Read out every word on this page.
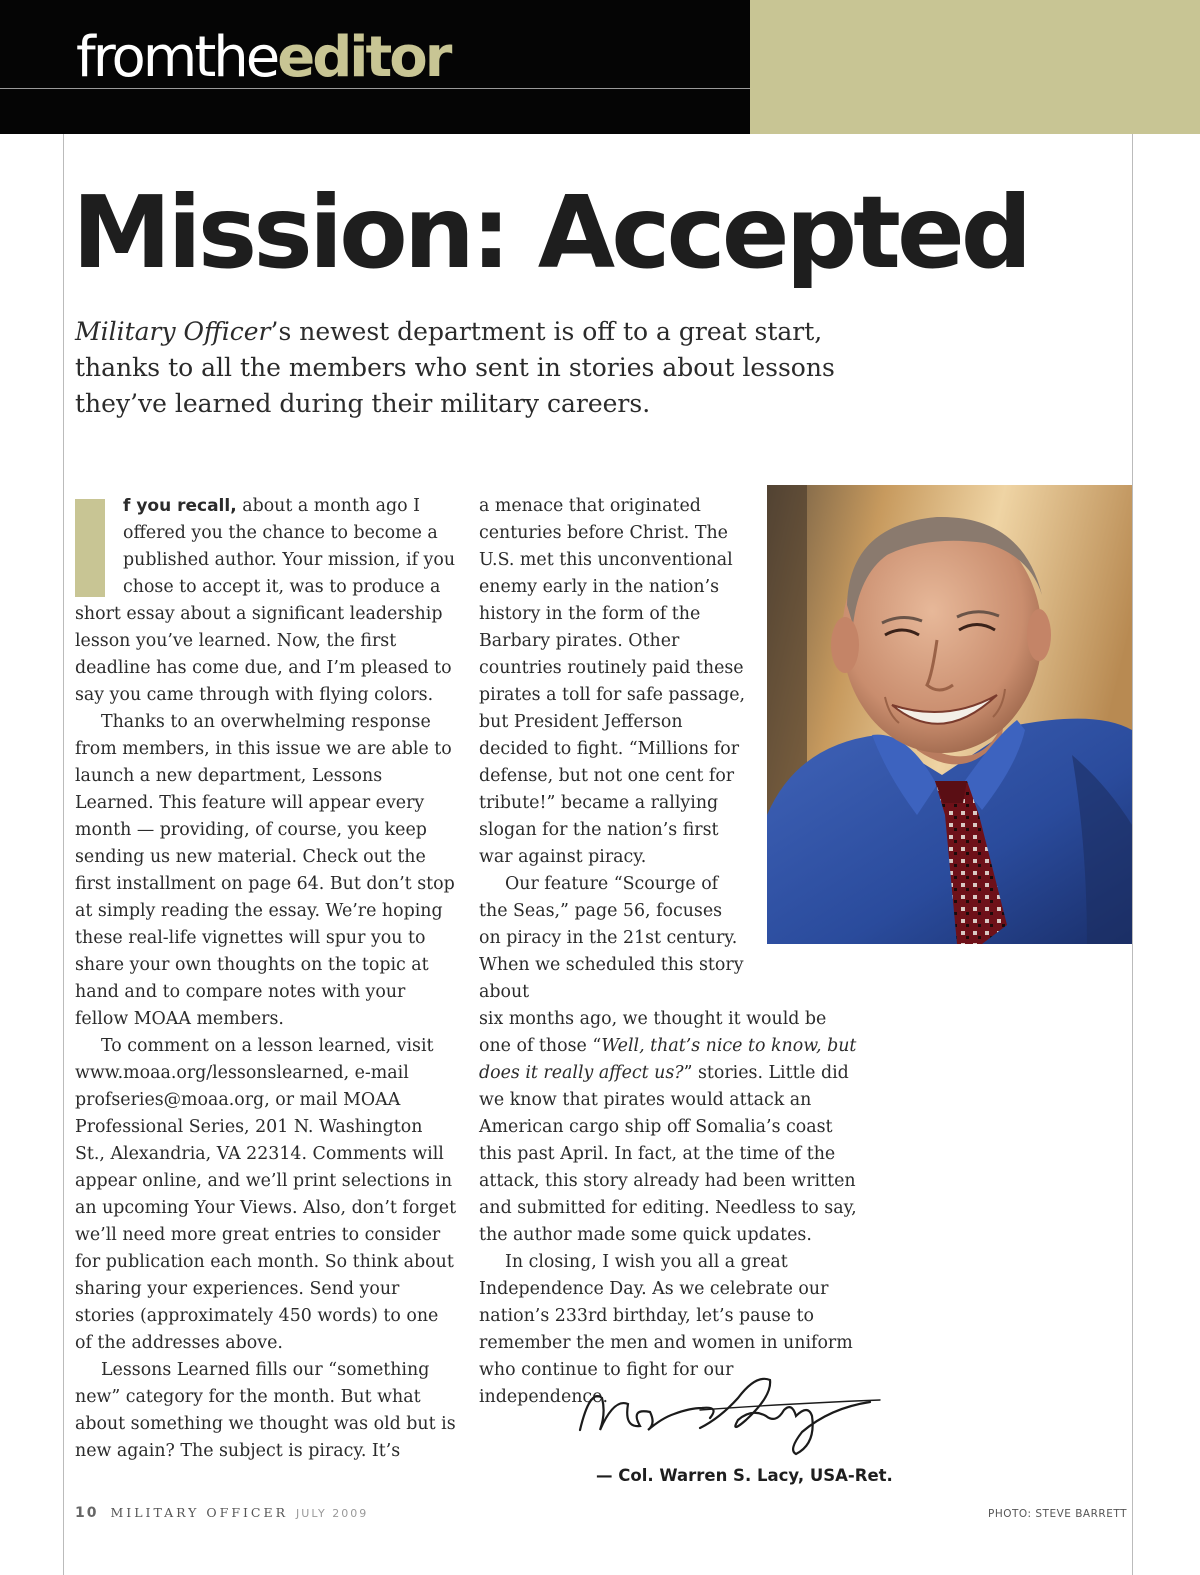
fromtheeditor
Mission: Accepted
Military Officer’s newest department is off to a great start, thanks to all the members who sent in stories about lessons they’ve learned during their military careers.

f you recall, about a month ago I offered you the chance to become a published author. Your mission, if you chose to accept it, was to produce a short essay about a significant leadership lesson you’ve learned. Now, the first deadline has come due, and I’m pleased to say you came through with flying colors.

Thanks to an overwhelming response from members, in this issue we are able to launch a new department, Lessons Learned. This feature will appear every month — providing, of course, you keep sending us new material. Check out the first installment on page 64. But don’t stop at simply reading the essay. We’re hoping these real-life vignettes will spur you to share your own thoughts on the topic at hand and to compare notes with your fellow MOAA members.

To comment on a lesson learned, visit www.moaa.org/lessonslearned, e-mail profseries@moaa.org, or mail MOAA Professional Series, 201 N. Washington St., Alexandria, VA 22314. Comments will appear online, and we’ll print selections in an upcoming Your Views. Also, don’t forget we’ll need more great entries to consider for publication each month. So think about sharing your experiences. Send your stories (approximately 450 words) to one of the addresses above.

Lessons Learned fills our “something new” category for the month. But what about something we thought was old but is new again? The subject is piracy. It’s

a menace that originated centuries before Christ. The U.S. met this unconventional enemy early in the nation’s history in the form of the Barbary pirates. Other countries routinely paid these pirates a toll for safe passage, but President Jefferson decided to fight. “Millions for defense, but not one cent for tribute!” became a rallying slogan for the nation’s first war against piracy.

Our feature “Scourge of the Seas,” page 56, focuses on piracy in the 21st century. When we scheduled this story about

six months ago, we thought it would be one of those “Well, that’s nice to know, but does it really affect us?” stories. Little did we know that pirates would attack an American cargo ship off Somalia’s coast this past April. In fact, at the time of the attack, this story already had been written and submitted for editing. Needless to say, the author made some quick updates.

In closing, I wish you all a great Independence Day. As we celebrate our nation’s 233rd birthday, let’s pause to remember the men and women in uniform who continue to fight for our independence.

— Col. Warren S. Lacy, USA-Ret.
10 MILITARY OFFICER JULY 2009	PHOTO: STEVE BARRETT
